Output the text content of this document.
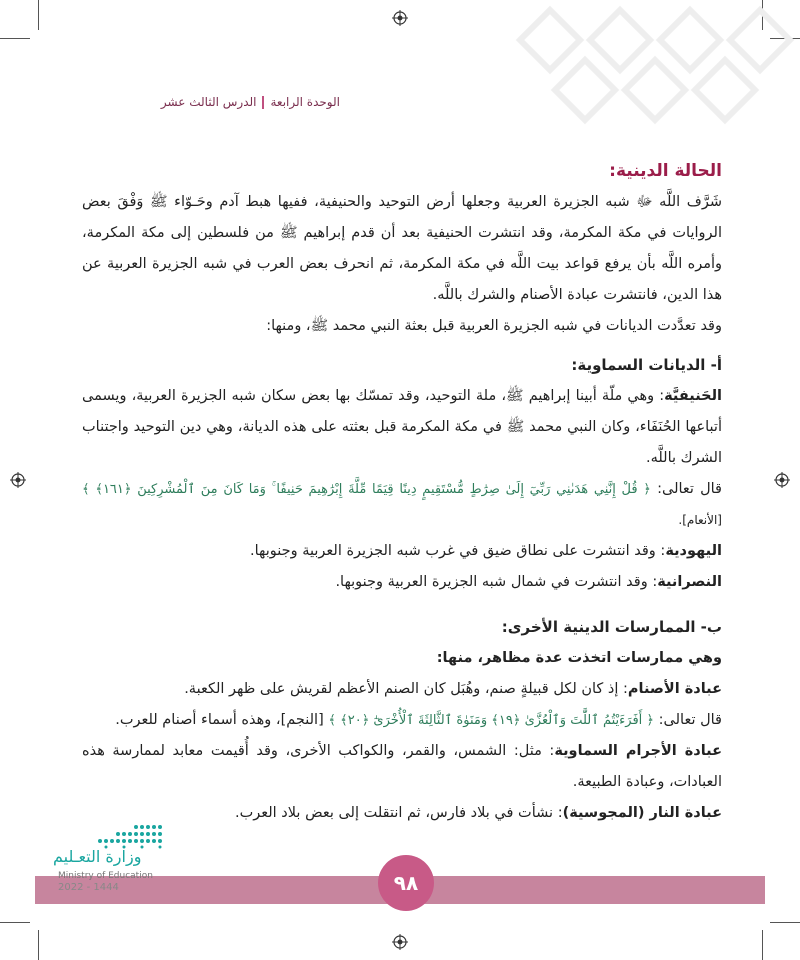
الوحدة الرابعةالدرس الثالث عشر

الحالة الدينية:

شَرَّف اللَّه ﷻ شبه الجزيرة العربية وجعلها أرض التوحيد والحنيفية، ففيها هبط آدم وحَـوّاء ﷺ وَفْقَ بعض الروايات في مكة المكرمة، وقد انتشرت الحنيفية بعد أن قدم إبراهيم ﷺ من فلسطين إلى مكة المكرمة، وأمره اللَّه بأن يرفع قواعد بيت اللَّه في مكة المكرمة، ثم انحرف بعض العرب في شبه الجزيرة العربية عن هذا الدين، فانتشرت عبادة الأصنام والشرك باللَّه.

وقد تعدَّدت الديانات في شبه الجزيرة العربية قبل بعثة النبي محمد ﷺ، ومنها:

أ- الديانات السماوية:

الحَنيفيَّة: وهي ملّة أبينا إبراهيم ﷺ، ملة التوحيد، وقد تمسّك بها بعض سكان شبه الجزيرة العربية، ويسمى أتباعها الحُنَفَاء، وكان النبي محمد ﷺ في مكة المكرمة قبل بعثته على هذه الديانة، وهي دين التوحيد واجتناب الشرك باللَّه.

قال تعالى: ﴿ قُلْ إِنَّنِي هَدَىٰنِي رَبِّيٓ إِلَىٰ صِرَٰطٍ مُّسْتَقِيمٍ دِينًا قِيَمًا مِّلَّةَ إِبْرَٰهِيمَ حَنِيفًا ۚ وَمَا كَانَ مِنَ ٱلْمُشْرِكِينَ ﴿١٦١﴾ ﴾ [الأنعام].

اليهودية: وقد انتشرت على نطاق ضيق في غرب شبه الجزيرة العربية وجنوبها.

النصرانية: وقد انتشرت في شمال شبه الجزيرة العربية وجنوبها.

ب- الممارسات الدينية الأخرى:

وهي ممارسات اتخذت عدة مظاهر، منها:

عبادة الأصنام: إذ كان لكل قبيلةٍ صنم، وهُبَل كان الصنم الأعظم لقريش على ظهر الكعبة.

قال تعالى: ﴿ أَفَرَءَيْتُمُ ٱللَّٰتَ وَٱلْعُزَّىٰ ﴿١٩﴾ وَمَنَوٰةَ ٱلثَّالِثَةَ ٱلْأُخْرَىٰٓ ﴿٢٠﴾ ﴾ [النجم]، وهذه أسماء أصنام للعرب.

عبادة الأجرام السماوية: مثل: الشمس، والقمر، والكواكب الأخرى، وقد أُقيمت معابد لممارسة هذه العبادات، وعبادة الطبيعة.

عبادة النار (المجوسية): نشأت في بلاد فارس، ثم انتقلت إلى بعض بلاد العرب.

٩٨
وزارة التعـليم
Ministry of Education
2022 - 1444
